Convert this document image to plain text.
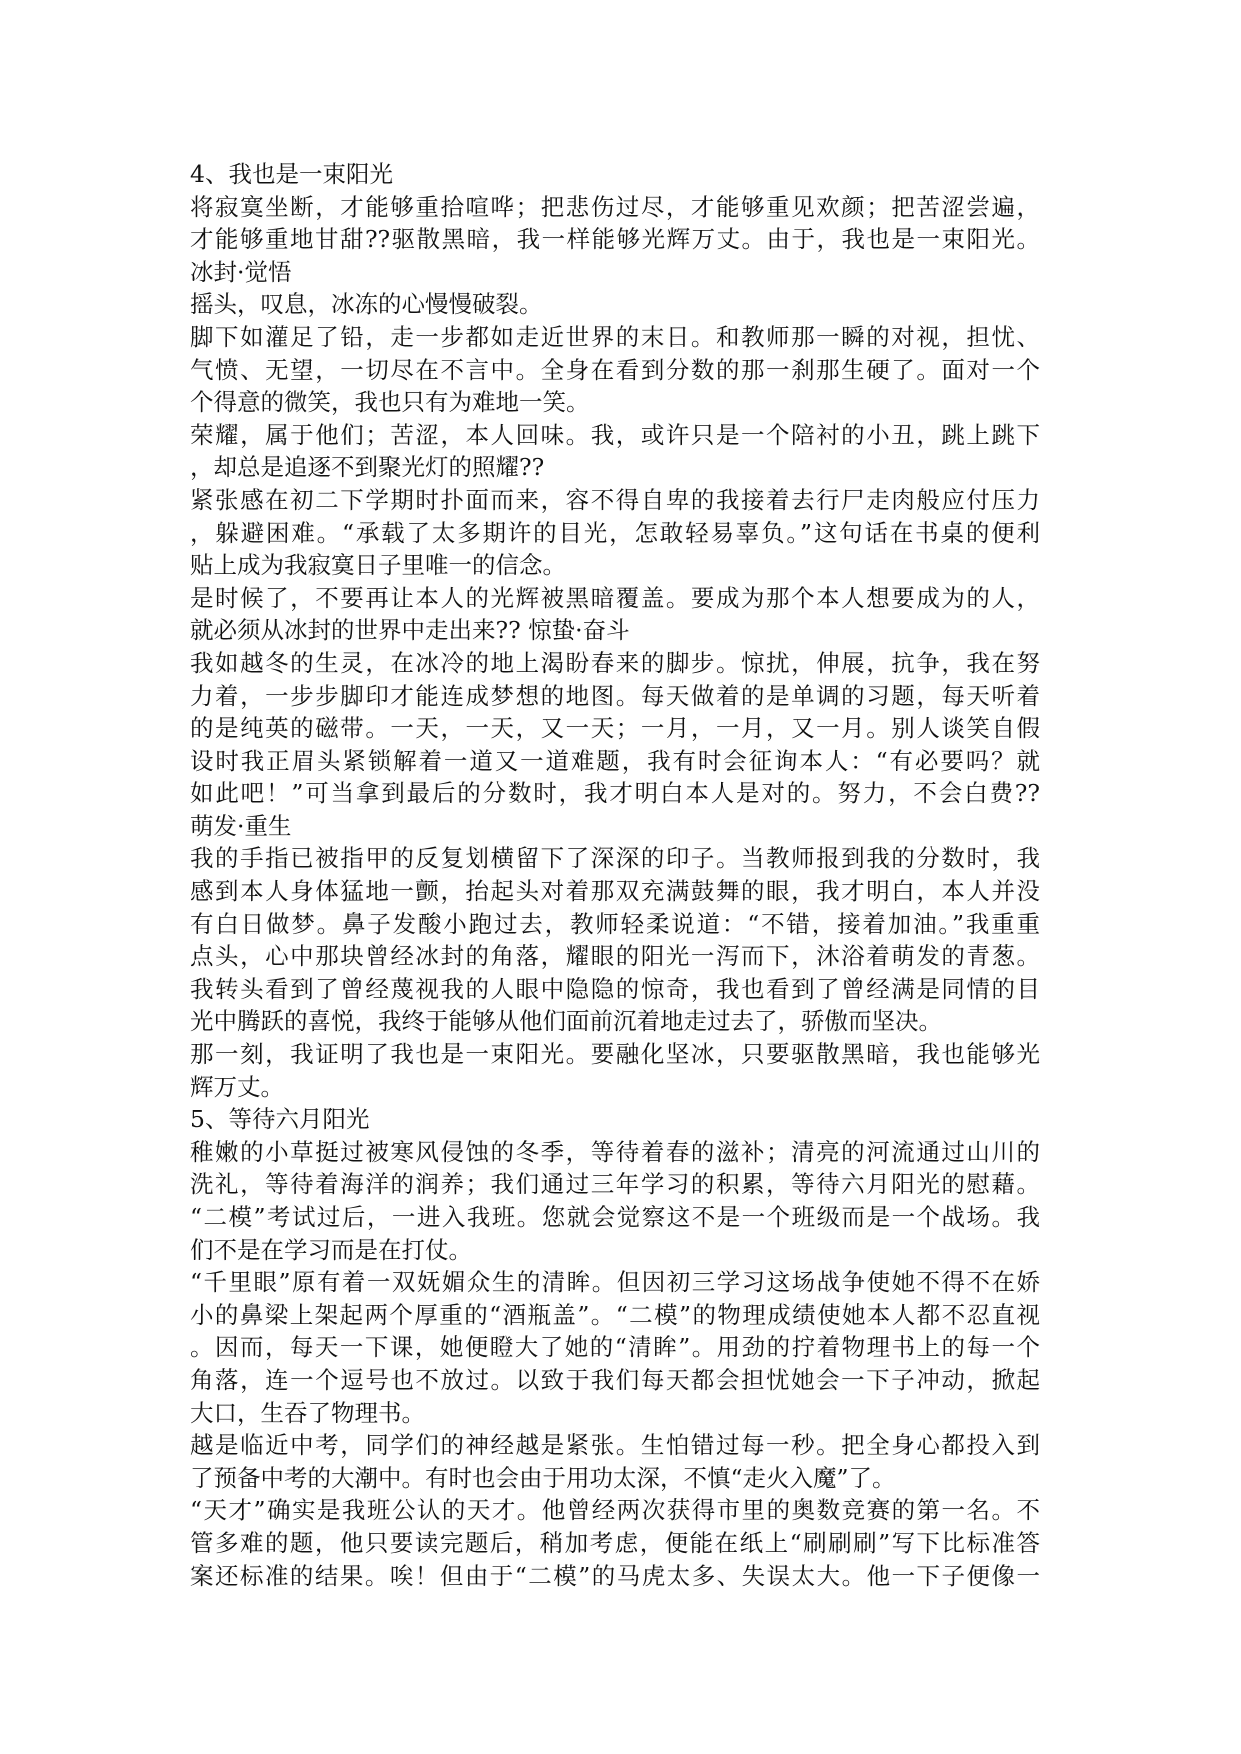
4、我也是一束阳光
将寂寞坐断，才能够重拾喧哗；把悲伤过尽，才能够重见欢颜；把苦涩尝遍，
才能够重地甘甜??驱散黑暗，我一样能够光辉万丈。由于，我也是一束阳光。
冰封·觉悟
摇头，叹息，冰冻的心慢慢破裂。
脚下如灌足了铅，走一步都如走近世界的末日。和教师那一瞬的对视，担忧、
气愤、无望，一切尽在不言中。全身在看到分数的那一刹那生硬了。面对一个
个得意的微笑，我也只有为难地一笑。
荣耀，属于他们；苦涩，本人回味。我，或许只是一个陪衬的小丑，跳上跳下
，却总是追逐不到聚光灯的照耀??
紧张感在初二下学期时扑面而来，容不得自卑的我接着去行尸走肉般应付压力
，躲避困难。“承载了太多期许的目光，怎敢轻易辜负。”这句话在书桌的便利
贴上成为我寂寞日子里唯一的信念。
是时候了，不要再让本人的光辉被黑暗覆盖。要成为那个本人想要成为的人，
就必须从冰封的世界中走出来?? 惊蛰·奋斗
我如越冬的生灵，在冰冷的地上渴盼春来的脚步。惊扰，伸展，抗争，我在努
力着，一步步脚印才能连成梦想的地图。每天做着的是单调的习题，每天听着
的是纯英的磁带。一天，一天，又一天；一月，一月，又一月。别人谈笑自假
设时我正眉头紧锁解着一道又一道难题，我有时会征询本人：“有必要吗？就
如此吧！”可当拿到最后的分数时，我才明白本人是对的。努力，不会白费??
萌发·重生
我的手指已被指甲的反复划横留下了深深的印子。当教师报到我的分数时，我
感到本人身体猛地一颤，抬起头对着那双充满鼓舞的眼，我才明白，本人并没
有白日做梦。鼻子发酸小跑过去，教师轻柔说道：“不错，接着加油。”我重重
点头，心中那块曾经冰封的角落，耀眼的阳光一泻而下，沐浴着萌发的青葱。
我转头看到了曾经蔑视我的人眼中隐隐的惊奇，我也看到了曾经满是同情的目
光中腾跃的喜悦，我终于能够从他们面前沉着地走过去了，骄傲而坚决。
那一刻，我证明了我也是一束阳光。要融化坚冰，只要驱散黑暗，我也能够光
辉万丈。
5、等待六月阳光
稚嫩的小草挺过被寒风侵蚀的冬季，等待着春的滋补；清亮的河流通过山川的
洗礼，等待着海洋的润养；我们通过三年学习的积累，等待六月阳光的慰藉。
“二模”考试过后，一进入我班。您就会觉察这不是一个班级而是一个战场。我
们不是在学习而是在打仗。
“千里眼”原有着一双妩媚众生的清眸。但因初三学习这场战争使她不得不在娇
小的鼻梁上架起两个厚重的“酒瓶盖”。“二模”的物理成绩使她本人都不忍直视
。因而，每天一下课，她便瞪大了她的“清眸”。用劲的拧着物理书上的每一个
角落，连一个逗号也不放过。以致于我们每天都会担忧她会一下子冲动，掀起
大口，生吞了物理书。
越是临近中考，同学们的神经越是紧张。生怕错过每一秒。把全身心都投入到
了预备中考的大潮中。有时也会由于用功太深，不慎“走火入魔”了。
“天才”确实是我班公认的天才。他曾经两次获得市里的奥数竞赛的第一名。不
管多难的题，他只要读完题后，稍加考虑，便能在纸上“刷刷刷”写下比标准答
案还标准的结果。唉！但由于“二模”的马虎太多、失误太大。他一下子便像一
